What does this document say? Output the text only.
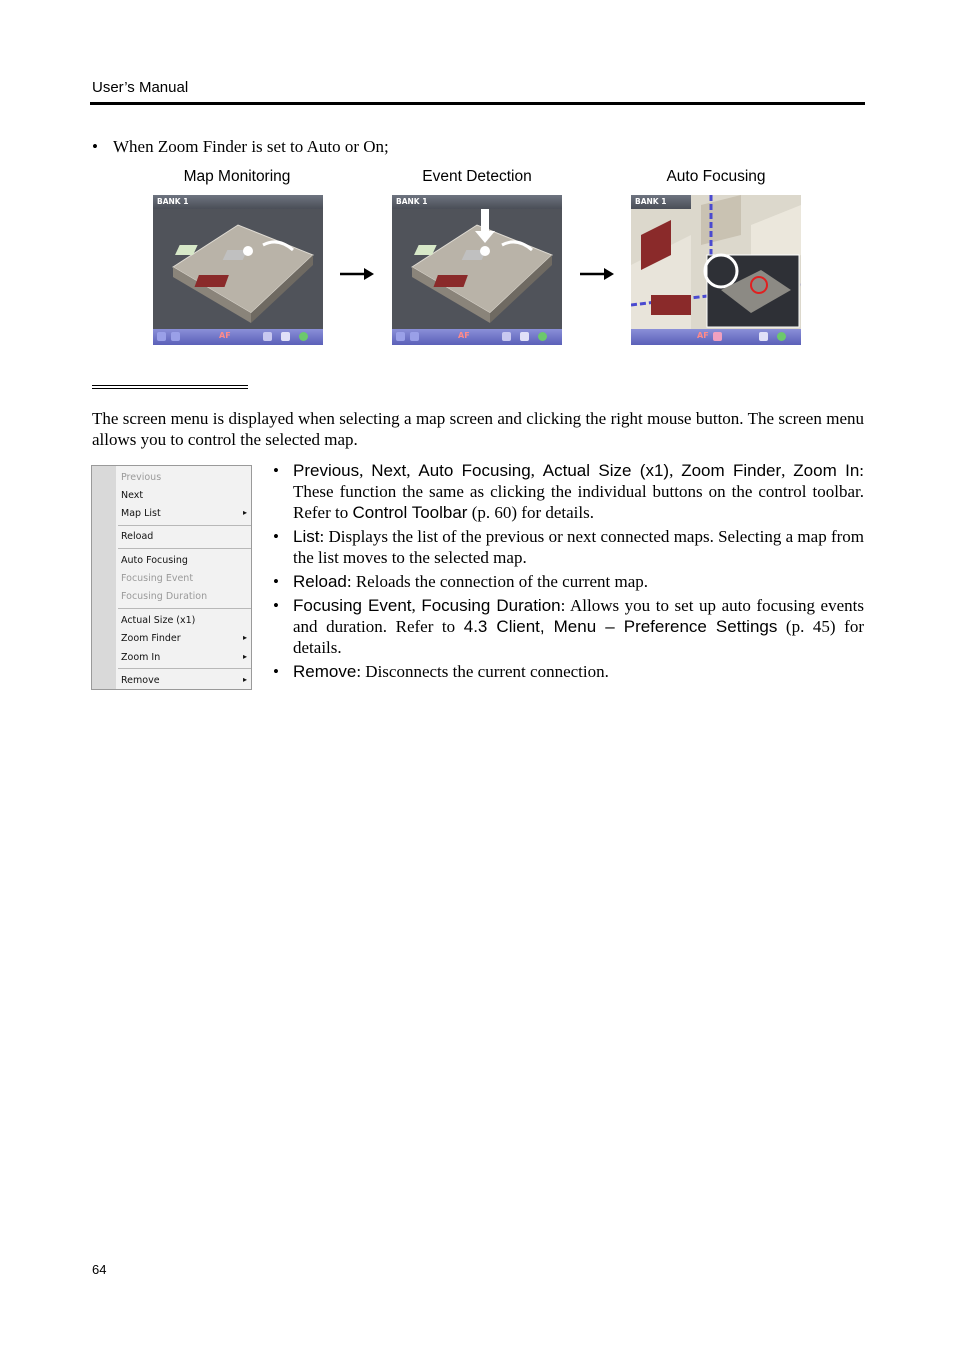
User’s Manual
• When Zoom Finder is set to Auto or On;
Map Monitoring	Event Detection	Auto Focusing
BANK 1
AF
BANK 1
AF
BANK 1
AF
The screen menu is displayed when selecting a map screen and clicking the right mouse button. The screen menu allows you to control the selected map.
Previous
Next
Map List	▸
Reload
Auto Focusing
Focusing Event
Focusing Duration
Actual Size (x1)
Zoom Finder	▸
Zoom In	▸
Remove	▸
• Previous, Next, Auto Focusing, Actual Size (x1), Zoom Finder, Zoom In: These function the same as clicking the individual buttons on the control toolbar. Refer to Control Toolbar (p. 60) for details.
• List: Displays the list of the previous or next connected maps. Selecting a map from the list moves to the selected map.
• Reload: Reloads the connection of the current map.
• Focusing Event, Focusing Duration: Allows you to set up auto focusing events and duration. Refer to 4.3 Client, Menu – Preference Settings (p. 45) for details.
• Remove: Disconnects the current connection.
64
